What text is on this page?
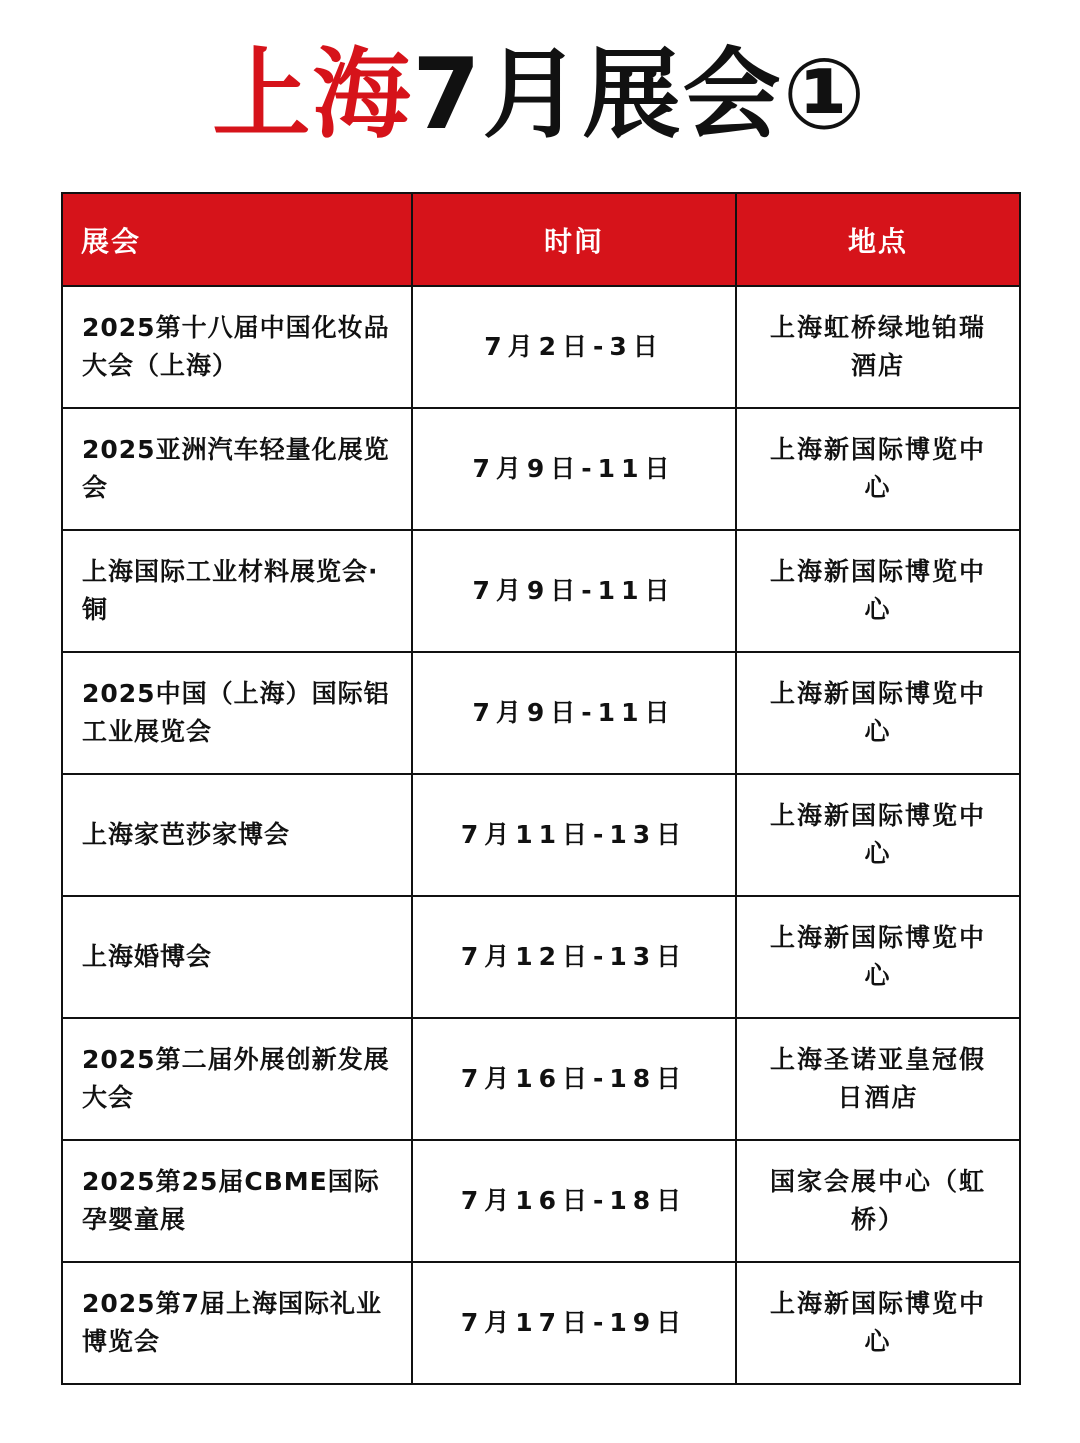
上海7月展会①
展会	时间	地点
2025第十八届中国化妆品大会（上海）	7月2日-3日	上海虹桥绿地铂瑞酒店
2025亚洲汽车轻量化展览会	7月9日-11日	上海新国际博览中心
上海国际工业材料展览会·铜	7月9日-11日	上海新国际博览中心
2025中国（上海）国际铝工业展览会	7月9日-11日	上海新国际博览中心
上海家芭莎家博会	7月11日-13日	上海新国际博览中心
上海婚博会	7月12日-13日	上海新国际博览中心
2025第二届外展创新发展大会	7月16日-18日	上海圣诺亚皇冠假日酒店
2025第25届CBME国际孕婴童展	7月16日-18日	国家会展中心（虹桥）
2025第7届上海国际礼业博览会	7月17日-19日	上海新国际博览中心
